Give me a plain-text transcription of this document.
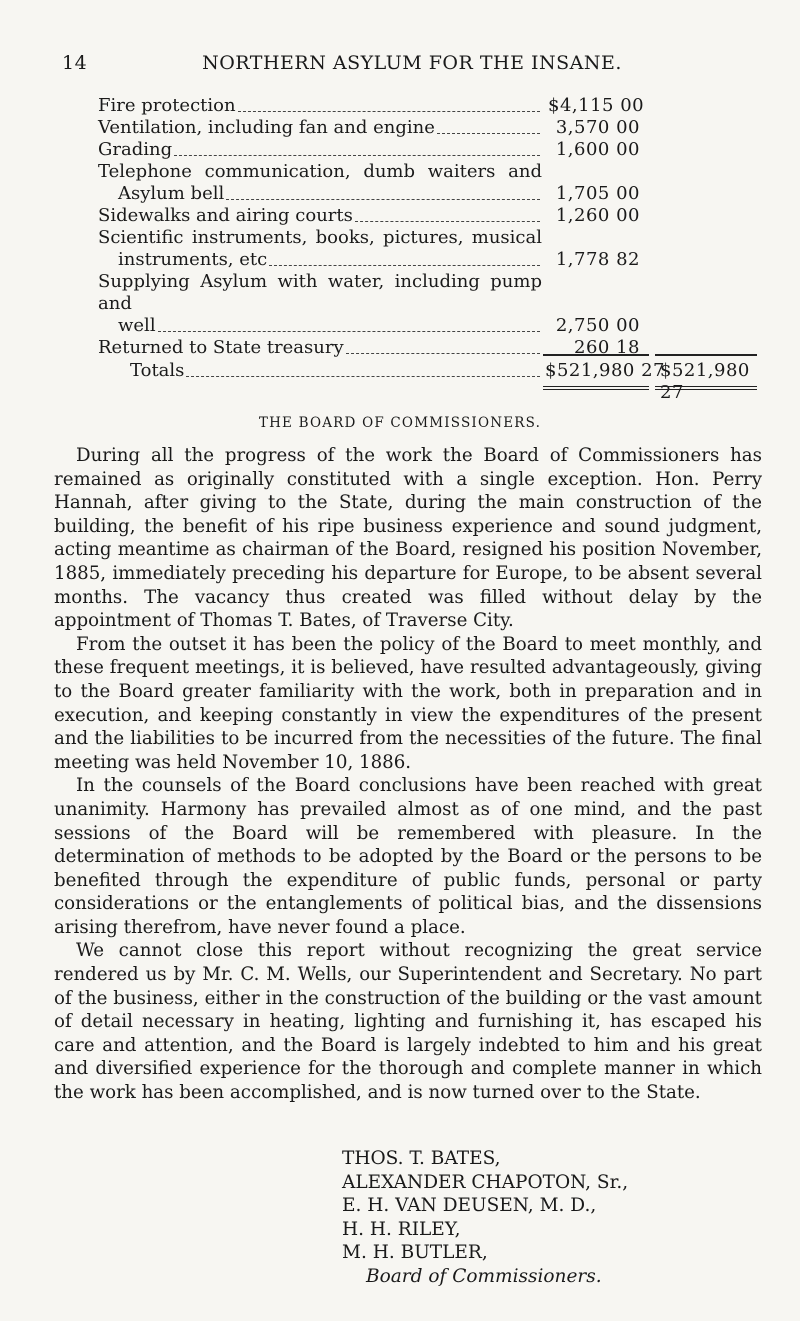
14	NORTHERN ASYLUM FOR THE INSANE.
Fire protection	$4,115 00
Ventilation, including fan and engine	3,570 00
Grading	1,600 00
Telephone communication, dumb waiters and
Asylum bell	1,705 00
Sidewalks and airing courts	1,260 00
Scientific instruments, books, pictures, musical
instruments, etc	1,778 82
Supplying Asylum with water, including pump and
well	2,750 00
Returned to State treasury	260 18
Totals	$521,980 27
$521,980 27
THE BOARD OF COMMISSIONERS.

During all the progress of the work the Board of Commissioners has remained as originally constituted with a single exception. Hon. Perry Hannah, after giving to the State, during the main construction of the building, the benefit of his ripe business experience and sound judgment, acting meantime as chairman of the Board, resigned his position November, 1885, immediately preceding his departure for Europe, to be absent several months. The vacancy thus created was filled without delay by the appointment of Thomas T. Bates, of Traverse City.

From the outset it has been the policy of the Board to meet monthly, and these frequent meetings, it is believed, have resulted advantageously, giving to the Board greater familiarity with the work, both in preparation and in execution, and keeping constantly in view the expenditures of the present and the liabilities to be incurred from the necessities of the future. The final meeting was held November 10, 1886.

In the counsels of the Board conclusions have been reached with great unanimity. Harmony has prevailed almost as of one mind, and the past sessions of the Board will be remembered with pleasure. In the determination of methods to be adopted by the Board or the persons to be benefited through the expenditure of public funds, personal or party considerations or the entanglements of political bias, and the dissensions arising therefrom, have never found a place.

We cannot close this report without recognizing the great service rendered us by Mr. C. M. Wells, our Superintendent and Secretary. No part of the business, either in the construction of the building or the vast amount of detail necessary in heating, lighting and furnishing it, has escaped his care and attention, and the Board is largely indebted to him and his great and diversified experience for the thorough and complete manner in which the work has been accomplished, and is now turned over to the State.

THOS. T. BATES,
ALEXANDER CHAPOTON, Sr.,
E. H. VAN DEUSEN, M. D.,
H. H. RILEY,
M. H. BUTLER,
Board of Commissioners.
